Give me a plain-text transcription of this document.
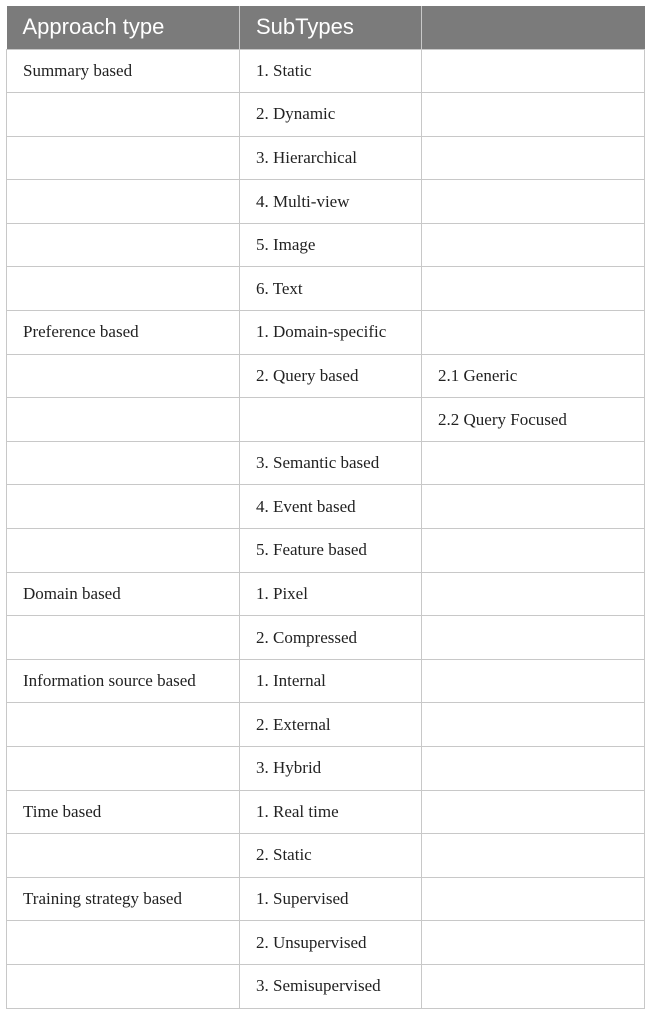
Approach type	SubTypes	
Summary based	1. Static	
	2. Dynamic	
	3. Hierarchical	
	4. Multi-view	
	5. Image	
	6. Text	
Preference based	1. Domain-specific	
	2. Query based	2.1 Generic
		2.2 Query Focused
	3. Semantic based	
	4. Event based	
	5. Feature based	
Domain based	1. Pixel	
	2. Compressed	
Information source based	1. Internal	
	2. External	
	3. Hybrid	
Time based	1. Real time	
	2. Static	
Training strategy based	1. Supervised	
	2. Unsupervised	
	3. Semisupervised	
